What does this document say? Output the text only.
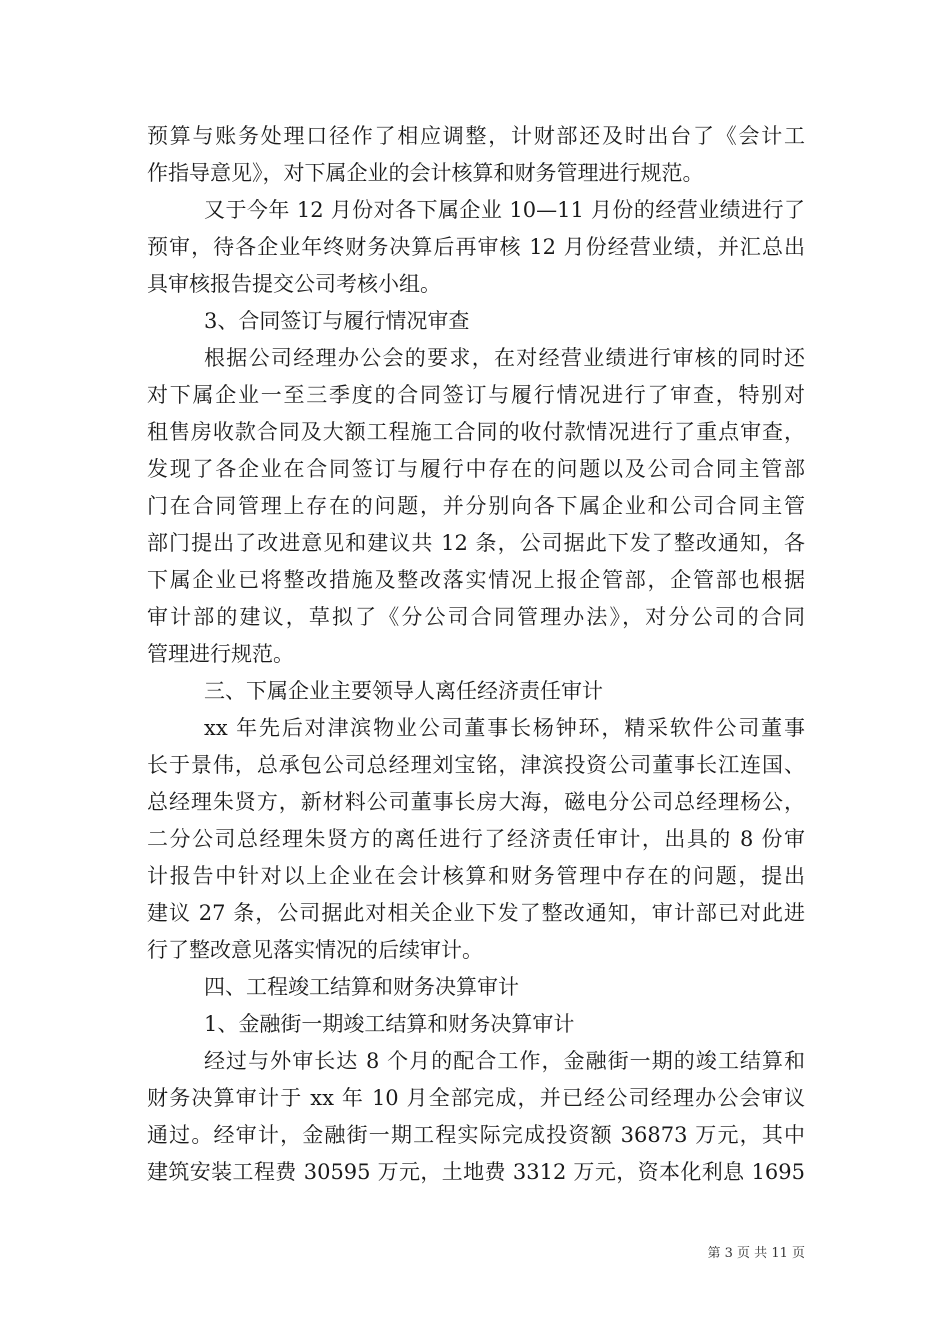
预算与账务处理口径作了相应调整，计财部还及时出台了《会计工
作指导意见》，对下属企业的会计核算和财务管理进行规范。

又于今年 12 月份对各下属企业 10—11 月份的经营业绩进行了
预审，待各企业年终财务决算后再审核 12 月份经营业绩，并汇总出
具审核报告提交公司考核小组。

3、合同签订与履行情况审查

根据公司经理办公会的要求，在对经营业绩进行审核的同时还
对下属企业一至三季度的合同签订与履行情况进行了审查，特别对
租售房收款合同及大额工程施工合同的收付款情况进行了重点审查，
发现了各企业在合同签订与履行中存在的问题以及公司合同主管部
门在合同管理上存在的问题，并分别向各下属企业和公司合同主管
部门提出了改进意见和建议共 12 条，公司据此下发了整改通知，各
下属企业已将整改措施及整改落实情况上报企管部，企管部也根据
审计部的建议，草拟了《分公司合同管理办法》，对分公司的合同
管理进行规范。

三、下属企业主要领导人离任经济责任审计

xx 年先后对津滨物业公司董事长杨钟环，精采软件公司董事
长于景伟，总承包公司总经理刘宝铭，津滨投资公司董事长江连国、
总经理朱贤方，新材料公司董事长房大海，磁电分公司总经理杨公，
二分公司总经理朱贤方的离任进行了经济责任审计，出具的 8 份审
计报告中针对以上企业在会计核算和财务管理中存在的问题，提出
建议 27 条，公司据此对相关企业下发了整改通知，审计部已对此进
行了整改意见落实情况的后续审计。

四、工程竣工结算和财务决算审计

1、金融街一期竣工结算和财务决算审计

经过与外审长达 8 个月的配合工作，金融街一期的竣工结算和
财务决算审计于 xx 年 10 月全部完成，并已经公司经理办公会审议
通过。经审计，金融街一期工程实际完成投资额 36873 万元，其中
建筑安装工程费 30595 万元，土地费 3312 万元，资本化利息 1695

第 3 页 共 11 页
